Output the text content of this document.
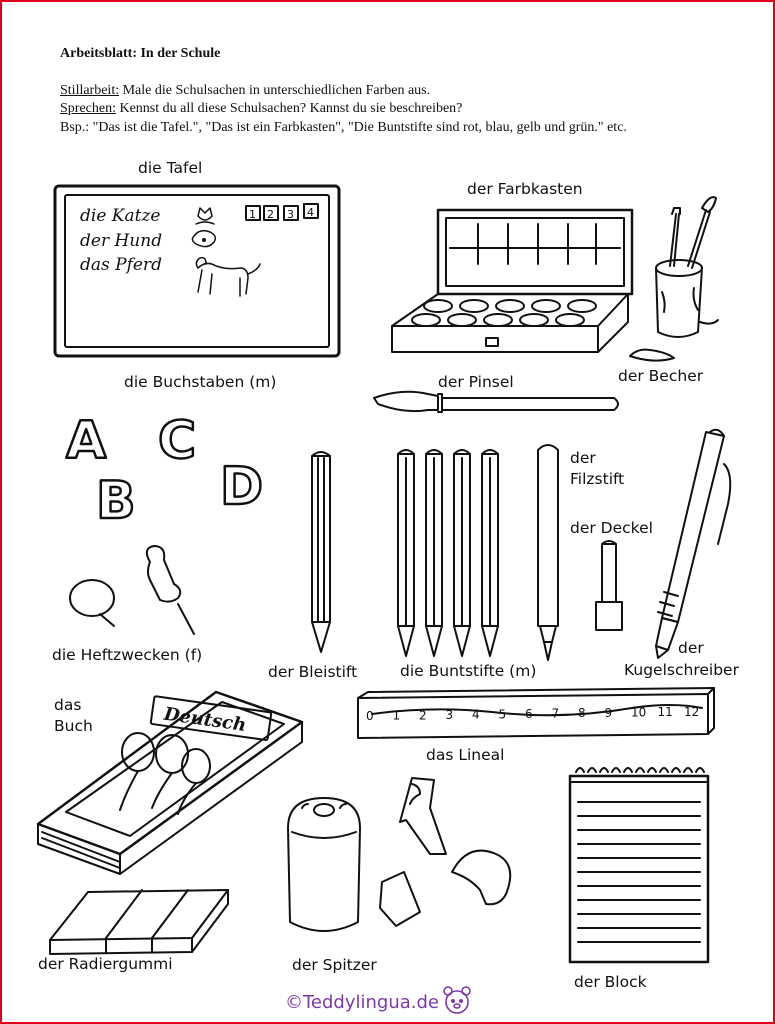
Arbeitsblatt: In der Schule
Stillarbeit: Male die Schulsachen in unterschiedlichen Farben aus.
Sprechen: Kennst du all diese Schulsachen? Kannst du sie beschreiben?
Bsp.: "Das ist die Tafel.", "Das ist ein Farbkasten", "Die Buntstifte sind rot, blau, gelb und grün." etc.
die Katze
der Hund
das Pferd
1 2 3 4
A C
B D
Deutsch	0 1 2 3 4 5 6 7 8 9 10 11 12
die Tafel
der Farbkasten
die Buchstaben (m)	der Pinsel	der Becher
der
Filzstift
der Deckel
die Heftzwecken (f)
der Bleistift	die Buntstifte (m)
der
Kugelschreiber
das
Buch
das Lineal
der Radiergummi	der Spitzer
der Block
©Teddylingua.de
